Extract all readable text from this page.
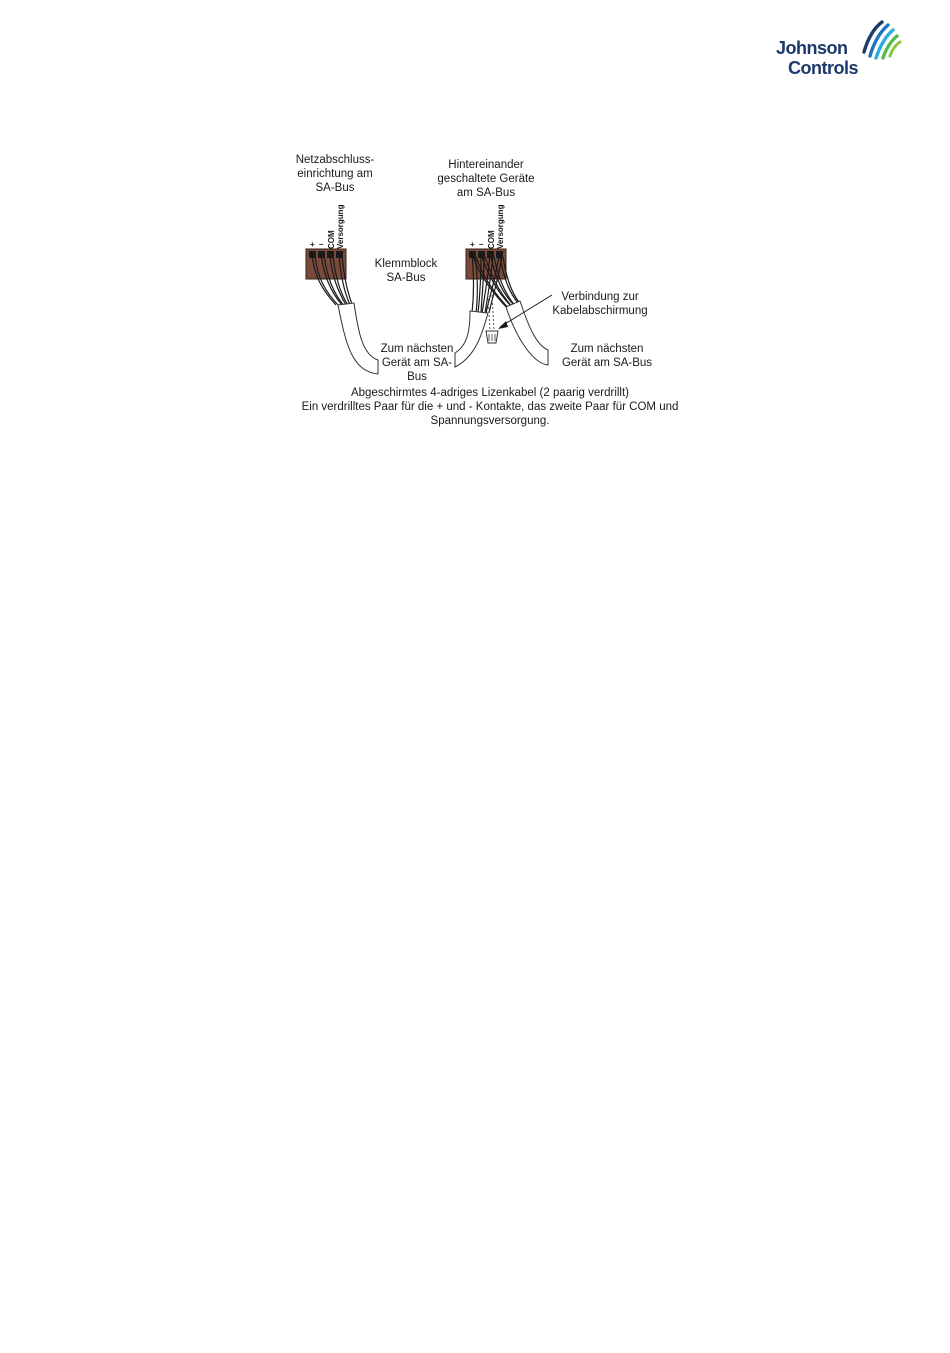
Johnson
Controls
Netzabschluss-
einrichtung am
SA-Bus
Hintereinander
geschaltete Geräte
am SA-Bus
Klemmblock
SA-Bus
Verbindung zur
Kabelabschirmung
Zum nächsten
Gerät am SA-
Bus
Zum nächsten
Gerät am SA-Bus
+ – COM Versorgung	+ – COM Versorgung
Abgeschirmtes 4-adriges Lizenkabel (2 paarig verdrillt)
Ein verdrilltes Paar für die + und - Kontakte, das zweite Paar für COM und
Spannungsversorgung.
